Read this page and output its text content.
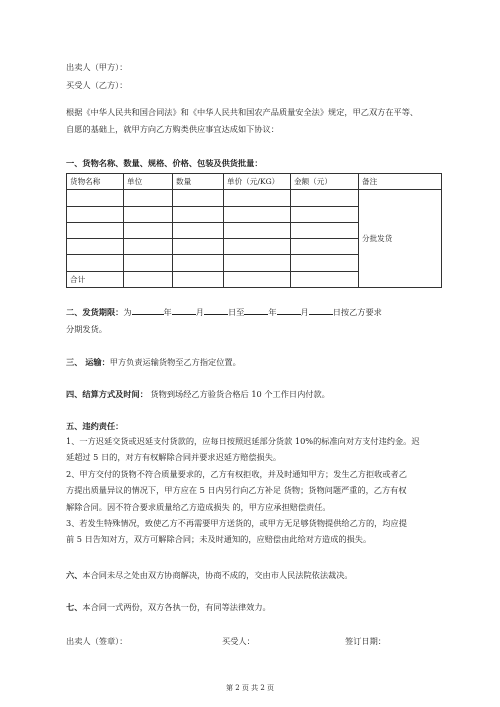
出卖人（甲方）：
买受人（乙方）：
根据《中华人民共和国合同法》和《中华人民共和国农产品质量安全法》规定，甲乙双方在平等、
自愿的基础上，就甲方向乙方购类供应事宜达成如下协议：
一、货物名称、数量、规格、价格、包装及供货批量：
货物名称	单位	数量	单价（元/KG）	金额（元）	备注
					分批发货

合计					
二、发货期限：为	年	月	日至	年	月	日按乙方要求
分期发货。
三、 运输：甲方负责运输货物至乙方指定位置。
四、结算方式及时间： 货物到场经乙方验货合格后 10 个工作日内付款。
五、违约责任：
1、一方迟延交货或迟延支付货款的，应每日按照迟延部分货款 10%的标准向对方支付违约金。迟
延超过 5 日的，对方有权解除合同并要求迟延方赔偿损失。
2、甲方交付的货物不符合质量要求的，乙方有权拒收，并及时通知甲方；发生乙方拒收或者乙
方提出质量异议的情况下，甲方应在 5 日内另行向乙方补足 货物；货物问题严重的，乙方有权
解除合同。因不符合要求质量给乙方造成损失 的，甲方应承担赔偿责任。
3、若发生特殊情况，致使乙方不再需要甲方送货的，或甲方无足够货物提供给乙方的，均应提
前 5 日告知对方，双方可解除合同；未及时通知的，应赔偿由此给对方造成的损失。
六、本合同未尽之处由双方协商解决，协商不成的，交由市人民法院依法裁决。
七、本合同一式两份，双方各执一份，有同等法律效力。
出卖人（签章）：	买受人：	签订日期：
第 2 页 共 2 页
